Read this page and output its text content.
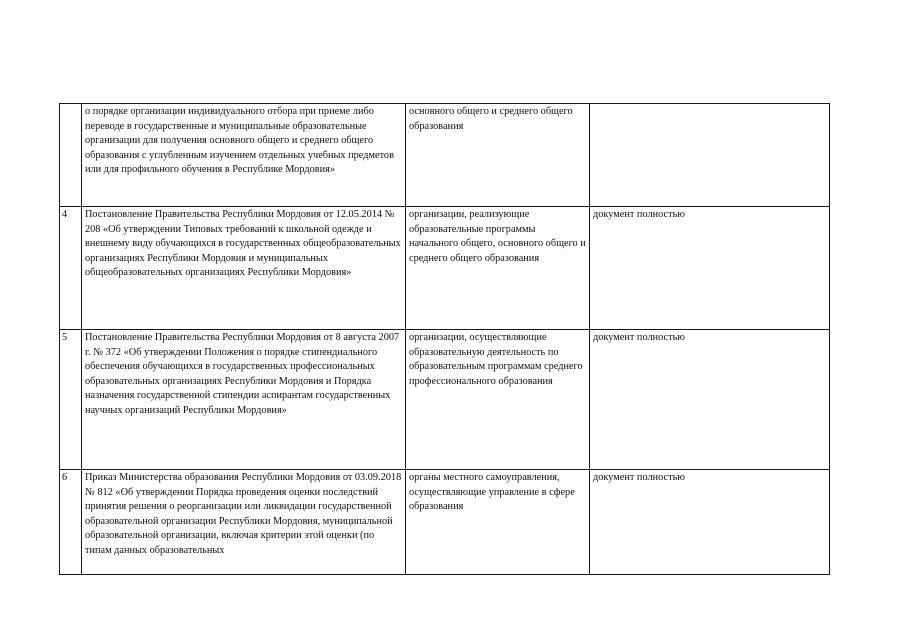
	о порядке организации индивидуального отбора при приеме либо переводе в государственные и муниципальные образовательные организации для получения основного общего и среднего общего образования с углубленным изучением отдельных учебных предметов или для профильного обучения в Республике Мордовия»	основного общего и среднего общего образования	

4	Постановление Правительства Республики Мордовия от 12.05.2014 № 208 «Об утверждении Типовых требований к школьной одежде и внешнему виду обучающихся в государственных общеобразовательных организациях Республики Мордовия и муниципальных общеобразовательных организациях Республики Мордовия»	организации, реализующие образовательные программы начального общего, основного общего и среднего общего образования	документ полностью

5	Постановление Правительства Республики Мордовия от 8 августа 2007 г. № 372 «Об утверждении Положения о порядке стипендиального обеспечения обучающихся в государственных профессиональных образовательных организациях Республики Мордовия и Порядка назначения государственной стипендии аспирантам государственных научных организаций Республики Мордовия»	организации, осуществляющие образовательную деятельность по образовательным программам среднего профессионального образования	документ полностью

6	Приказ Министерства образования Республики Мордовия от 03.09.2018 № 812 «Об утверждении Порядка проведения оценки последствий принятия решения о реорганизации или ликвидации государственной образовательной организации Республики Мордовия, муниципальной образовательной организации, включая критерии этой оценки (по типам данных образовательных	органы местного самоуправления, осуществляющие управление в сфере образования	документ полностью
